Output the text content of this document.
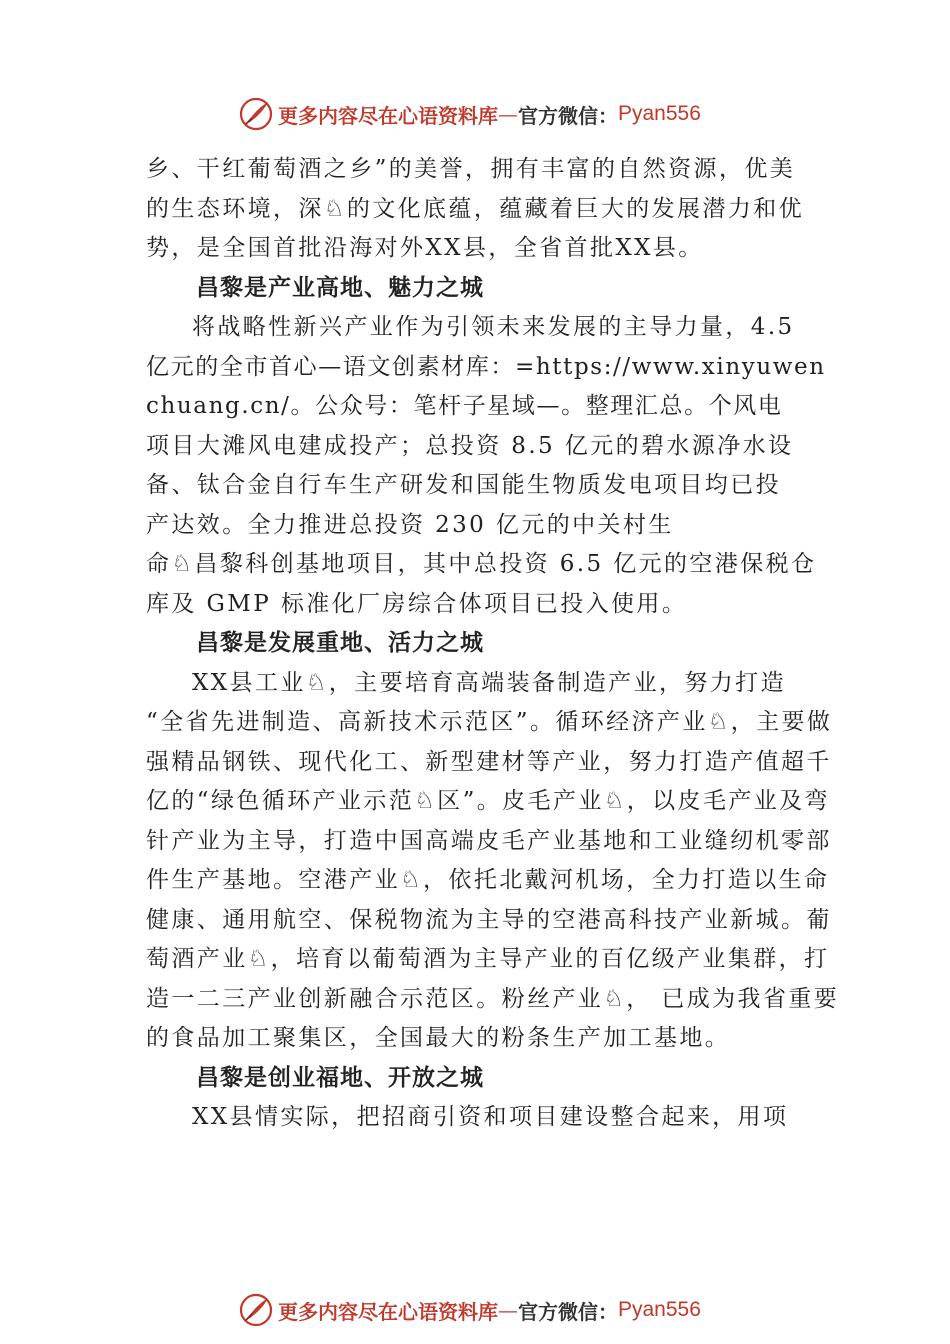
更多内容尽在心语资料库 — 官方微信： Pyan556
乡、干红葡萄酒之乡”的美誉，拥有丰富的自然资源，优美
的生态环境，深♘的文化底蕴，蕴藏着巨大的发展潜力和优
势，是全国首批沿海对外XX县，全省首批XX县。
昌黎是产业高地、魅力之城
将战略性新兴产业作为引领未来发展的主导力量，4.5
亿元的全市首心—语文创素材库：=https://www.xinyuwen
chuang.cn/。公众号：笔杆子星域—。整理汇总。个风电
项目大滩风电建成投产；总投资 8.5 亿元的碧水源净水设
备、钛合金自行车生产研发和国能生物质发电项目均已投
产达效。全力推进总投资 230 亿元的中关村生
命♘昌黎科创基地项目，其中总投资 6.5 亿元的空港保税仓
库及 GMP 标准化厂房综合体项目已投入使用。
昌黎是发展重地、活力之城
XX县工业♘，主要培育高端装备制造产业，努力打造
“全省先进制造、高新技术示范区”。循环经济产业♘，主要做
强精品钢铁、现代化工、新型建材等产业，努力打造产值超千
亿的“绿色循环产业示范♘区”。皮毛产业♘，以皮毛产业及弯
针产业为主导，打造中国高端皮毛产业基地和工业缝纫机零部
件生产基地。空港产业♘，依托北戴河机场，全力打造以生命
健康、通用航空、保税物流为主导的空港高科技产业新城。葡
萄酒产业♘，培育以葡萄酒为主导产业的百亿级产业集群，打
造一二三产业创新融合示范区。粉丝产业♘， 已成为我省重要
的食品加工聚集区，全国最大的粉条生产加工基地。
昌黎是创业福地、开放之城
XX县情实际，把招商引资和项目建设整合起来，用项
更多内容尽在心语资料库 — 官方微信： Pyan556
